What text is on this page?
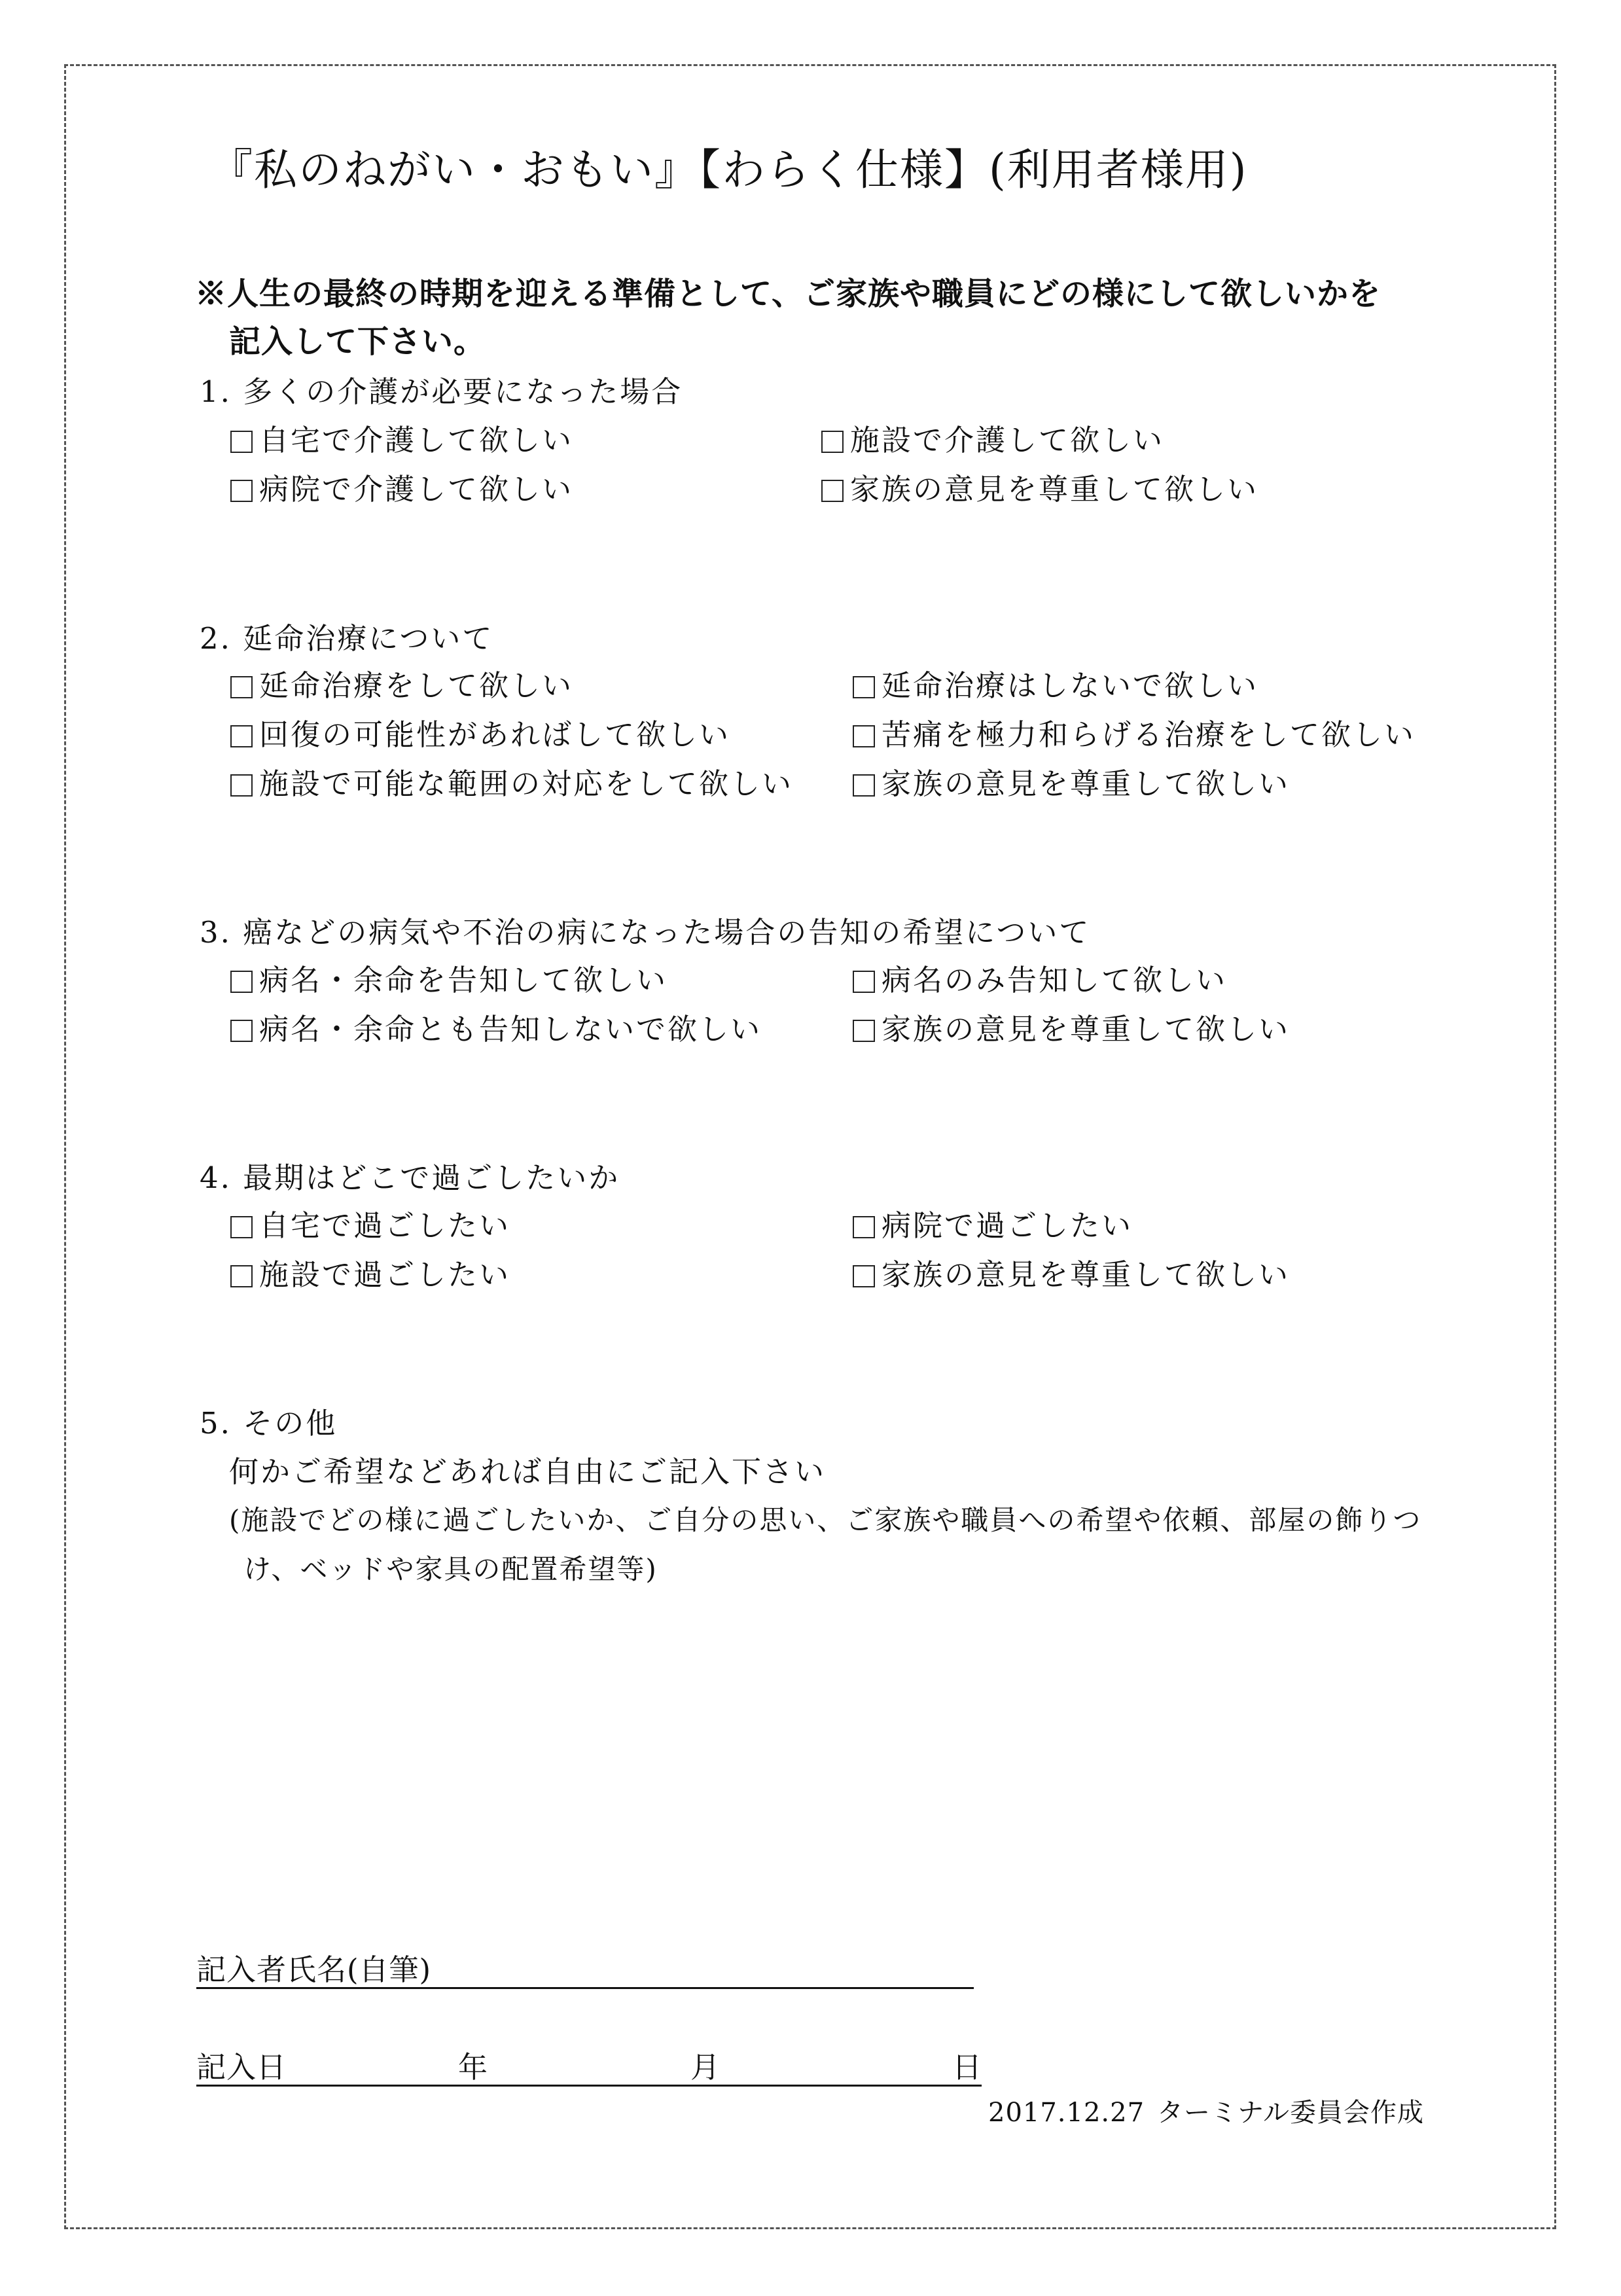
『私のねがい・おもい』【わらく仕様】(利用者様用)
※人生の最終の時期を迎える準備として、ご家族や職員にどの様にして欲しいかを
記入して下さい。
1. 多くの介護が必要になった場合
自宅で介護して欲しい	施設で介護して欲しい
病院で介護して欲しい	家族の意見を尊重して欲しい
2. 延命治療について
延命治療をして欲しい	延命治療はしないで欲しい
回復の可能性があればして欲しい	苦痛を極力和らげる治療をして欲しい
施設で可能な範囲の対応をして欲しい	家族の意見を尊重して欲しい
3. 癌などの病気や不治の病になった場合の告知の希望について
病名・余命を告知して欲しい	病名のみ告知して欲しい
病名・余命とも告知しないで欲しい	家族の意見を尊重して欲しい
4. 最期はどこで過ごしたいか
自宅で過ごしたい	病院で過ごしたい
施設で過ごしたい	家族の意見を尊重して欲しい
5. その他
何かご希望などあれば自由にご記入下さい
(施設でどの様に過ごしたいか、ご自分の思い、ご家族や職員への希望や依頼、部屋の飾りつ
け、ベッドや家具の配置希望等)
記入者氏名(自筆)
記入日	年	月	日
2017.12.27 ターミナル委員会作成
